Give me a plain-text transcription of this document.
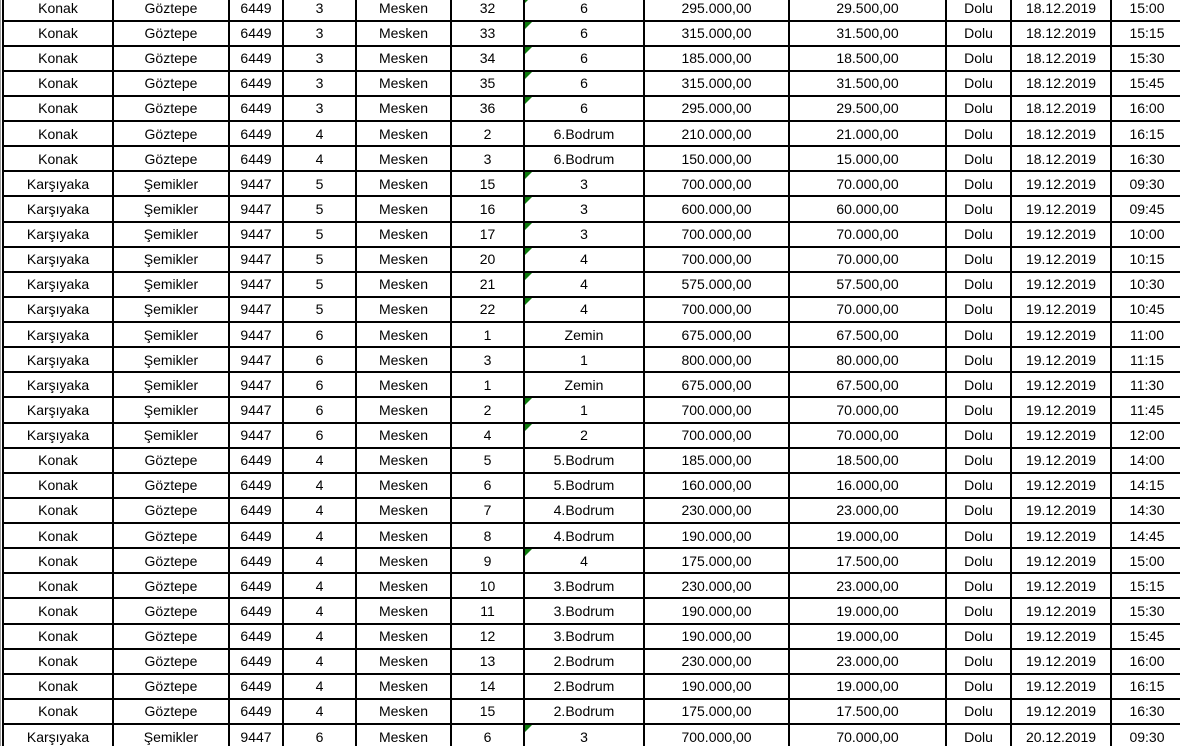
Konak	Göztepe	6449	3	Mesken	32	6	295.000,00	29.500,00	Dolu 18.12.2019 15:00
Konak	Göztepe	6449	3	Mesken	33	6	315.000,00	31.500,00	Dolu 18.12.2019 15:15
Konak	Göztepe	6449	3	Mesken	34	6	185.000,00	18.500,00	Dolu 18.12.2019 15:30
Konak	Göztepe	6449	3	Mesken	35	6	315.000,00	31.500,00	Dolu 18.12.2019 15:45
Konak	Göztepe	6449	3	Mesken	36	6	295.000,00	29.500,00	Dolu 18.12.2019 16:00
Konak	Göztepe	6449	4	Mesken	2	6.Bodrum	210.000,00	21.000,00	Dolu 18.12.2019 16:15
Konak	Göztepe	6449	4	Mesken	3	6.Bodrum	150.000,00	15.000,00	Dolu 18.12.2019 16:30
Karşıyaka	Şemikler	9447	5	Mesken	15	3	700.000,00	70.000,00	Dolu 19.12.2019 09:30
Karşıyaka	Şemikler	9447	5	Mesken	16	3	600.000,00	60.000,00	Dolu 19.12.2019 09:45
Karşıyaka	Şemikler	9447	5	Mesken	17	3	700.000,00	70.000,00	Dolu 19.12.2019 10:00
Karşıyaka	Şemikler	9447	5	Mesken	20	4	700.000,00	70.000,00	Dolu 19.12.2019 10:15
Karşıyaka	Şemikler	9447	5	Mesken	21	4	575.000,00	57.500,00	Dolu 19.12.2019 10:30
Karşıyaka	Şemikler	9447	5	Mesken	22	4	700.000,00	70.000,00	Dolu 19.12.2019 10:45
Karşıyaka	Şemikler	9447	6	Mesken	1	Zemin	675.000,00	67.500,00	Dolu 19.12.2019 11:00
Karşıyaka	Şemikler	9447	6	Mesken	3	1	800.000,00	80.000,00	Dolu 19.12.2019 11:15
Karşıyaka	Şemikler	9447	6	Mesken	1	Zemin	675.000,00	67.500,00	Dolu 19.12.2019 11:30
Karşıyaka	Şemikler	9447	6	Mesken	2	1	700.000,00	70.000,00	Dolu 19.12.2019 11:45
Karşıyaka	Şemikler	9447	6	Mesken	4	2	700.000,00	70.000,00	Dolu 19.12.2019 12:00
Konak	Göztepe	6449	4	Mesken	5	5.Bodrum	185.000,00	18.500,00	Dolu 19.12.2019 14:00
Konak	Göztepe	6449	4	Mesken	6	5.Bodrum	160.000,00	16.000,00	Dolu 19.12.2019 14:15
Konak	Göztepe	6449	4	Mesken	7	4.Bodrum	230.000,00	23.000,00	Dolu 19.12.2019 14:30
Konak	Göztepe	6449	4	Mesken	8	4.Bodrum	190.000,00	19.000,00	Dolu 19.12.2019 14:45
Konak	Göztepe	6449	4	Mesken	9	4	175.000,00	17.500,00	Dolu 19.12.2019 15:00
Konak	Göztepe	6449	4	Mesken	10	3.Bodrum	230.000,00	23.000,00	Dolu 19.12.2019 15:15
Konak	Göztepe	6449	4	Mesken	11	3.Bodrum	190.000,00	19.000,00	Dolu 19.12.2019 15:30
Konak	Göztepe	6449	4	Mesken	12	3.Bodrum	190.000,00	19.000,00	Dolu 19.12.2019 15:45
Konak	Göztepe	6449	4	Mesken	13	2.Bodrum	230.000,00	23.000,00	Dolu 19.12.2019 16:00
Konak	Göztepe	6449	4	Mesken	14	2.Bodrum	190.000,00	19.000,00	Dolu 19.12.2019 16:15
Konak	Göztepe	6449	4	Mesken	15	2.Bodrum	175.000,00	17.500,00	Dolu 19.12.2019 16:30
Karşıyaka	Şemikler	9447	6	Mesken	6	3	700.000,00	70.000,00	Dolu 20.12.2019 09:30
